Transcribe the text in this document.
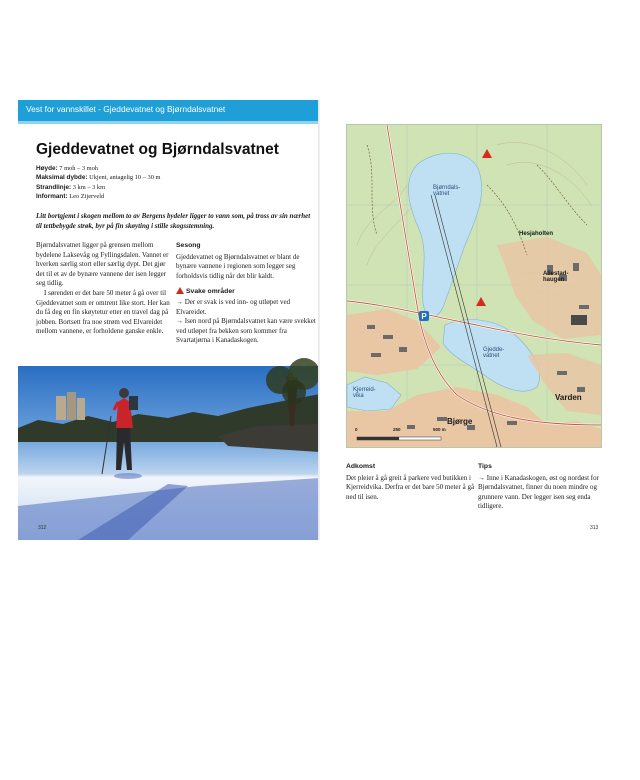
Vest for vannskillet - Gjeddevatnet og Bjørndalsvatnet
Gjeddevatnet og Bjørndalsvatnet
Høyde: 7 moh – 3 moh
Maksimal dybde: Ukjent, antagelig 10 – 30 m
Strandlinje: 3 km – 3 km
Informant: Leo Zijerveld
Litt bortgjemt i skogen mellom to av Bergens bydeler ligger to vann som, på tross av sin nærhet til tettbebygde strøk, byr på fin skøyting i stille skogsstemning.

Bjørndalsvatnet ligger på grensen mellom bydelene Laksevåg og Fyllingsdalen. Vannet er hverken særlig stort eller særlig dypt. Det gjør det til et av de bynære vannene der isen legger seg tidlig.

I sørenden er det bare 50 meter å gå over til Gjeddevatnet som er omtrent like stort. Her kan du få deg en fin skøytetur etter en travel dag på jobben. Bortsett fra noe strøm ved Elvareidet mellom vannene, er forholdene ganske enkle.

Sesong

Gjeddevatnet og Bjørndalsvatnet er blant de bynære vannene i regionen som legger seg forholdsvis tidlig når det blir kaldt.

Svake områder

→ Der er svak is ved inn- og utløpet ved Elvareidet.

→ Isen nord på Bjørndalsvatnet kan være svekket ved utløpet fra bekken som kommer fra Svartatjørna i Kanadaskogen.

Bynær skøyting på Bjørndalsvatnet med blokkene på Hesjaholten i bakgrunnen
FOTO: LEO ZIJERVELD
312
P
Bjørndals-
vatnet
Gjedde-
vatnet
Hesjaholten
Allestad-
haugen
Kjerreid-
vika
Bjørge
Varden
0	250	500 m
Adkomst

Det pleier å gå greit å parkere ved butikken i Kjerreidvika. Derfra er det bare 50 meter å gå ned til isen.

Tips

→ Inne i Kanadaskogen, øst og nordøst for Bjørndalsvatnet, finner du noen mindre og grunnere vann. Der legger isen seg enda tidligere.

313
